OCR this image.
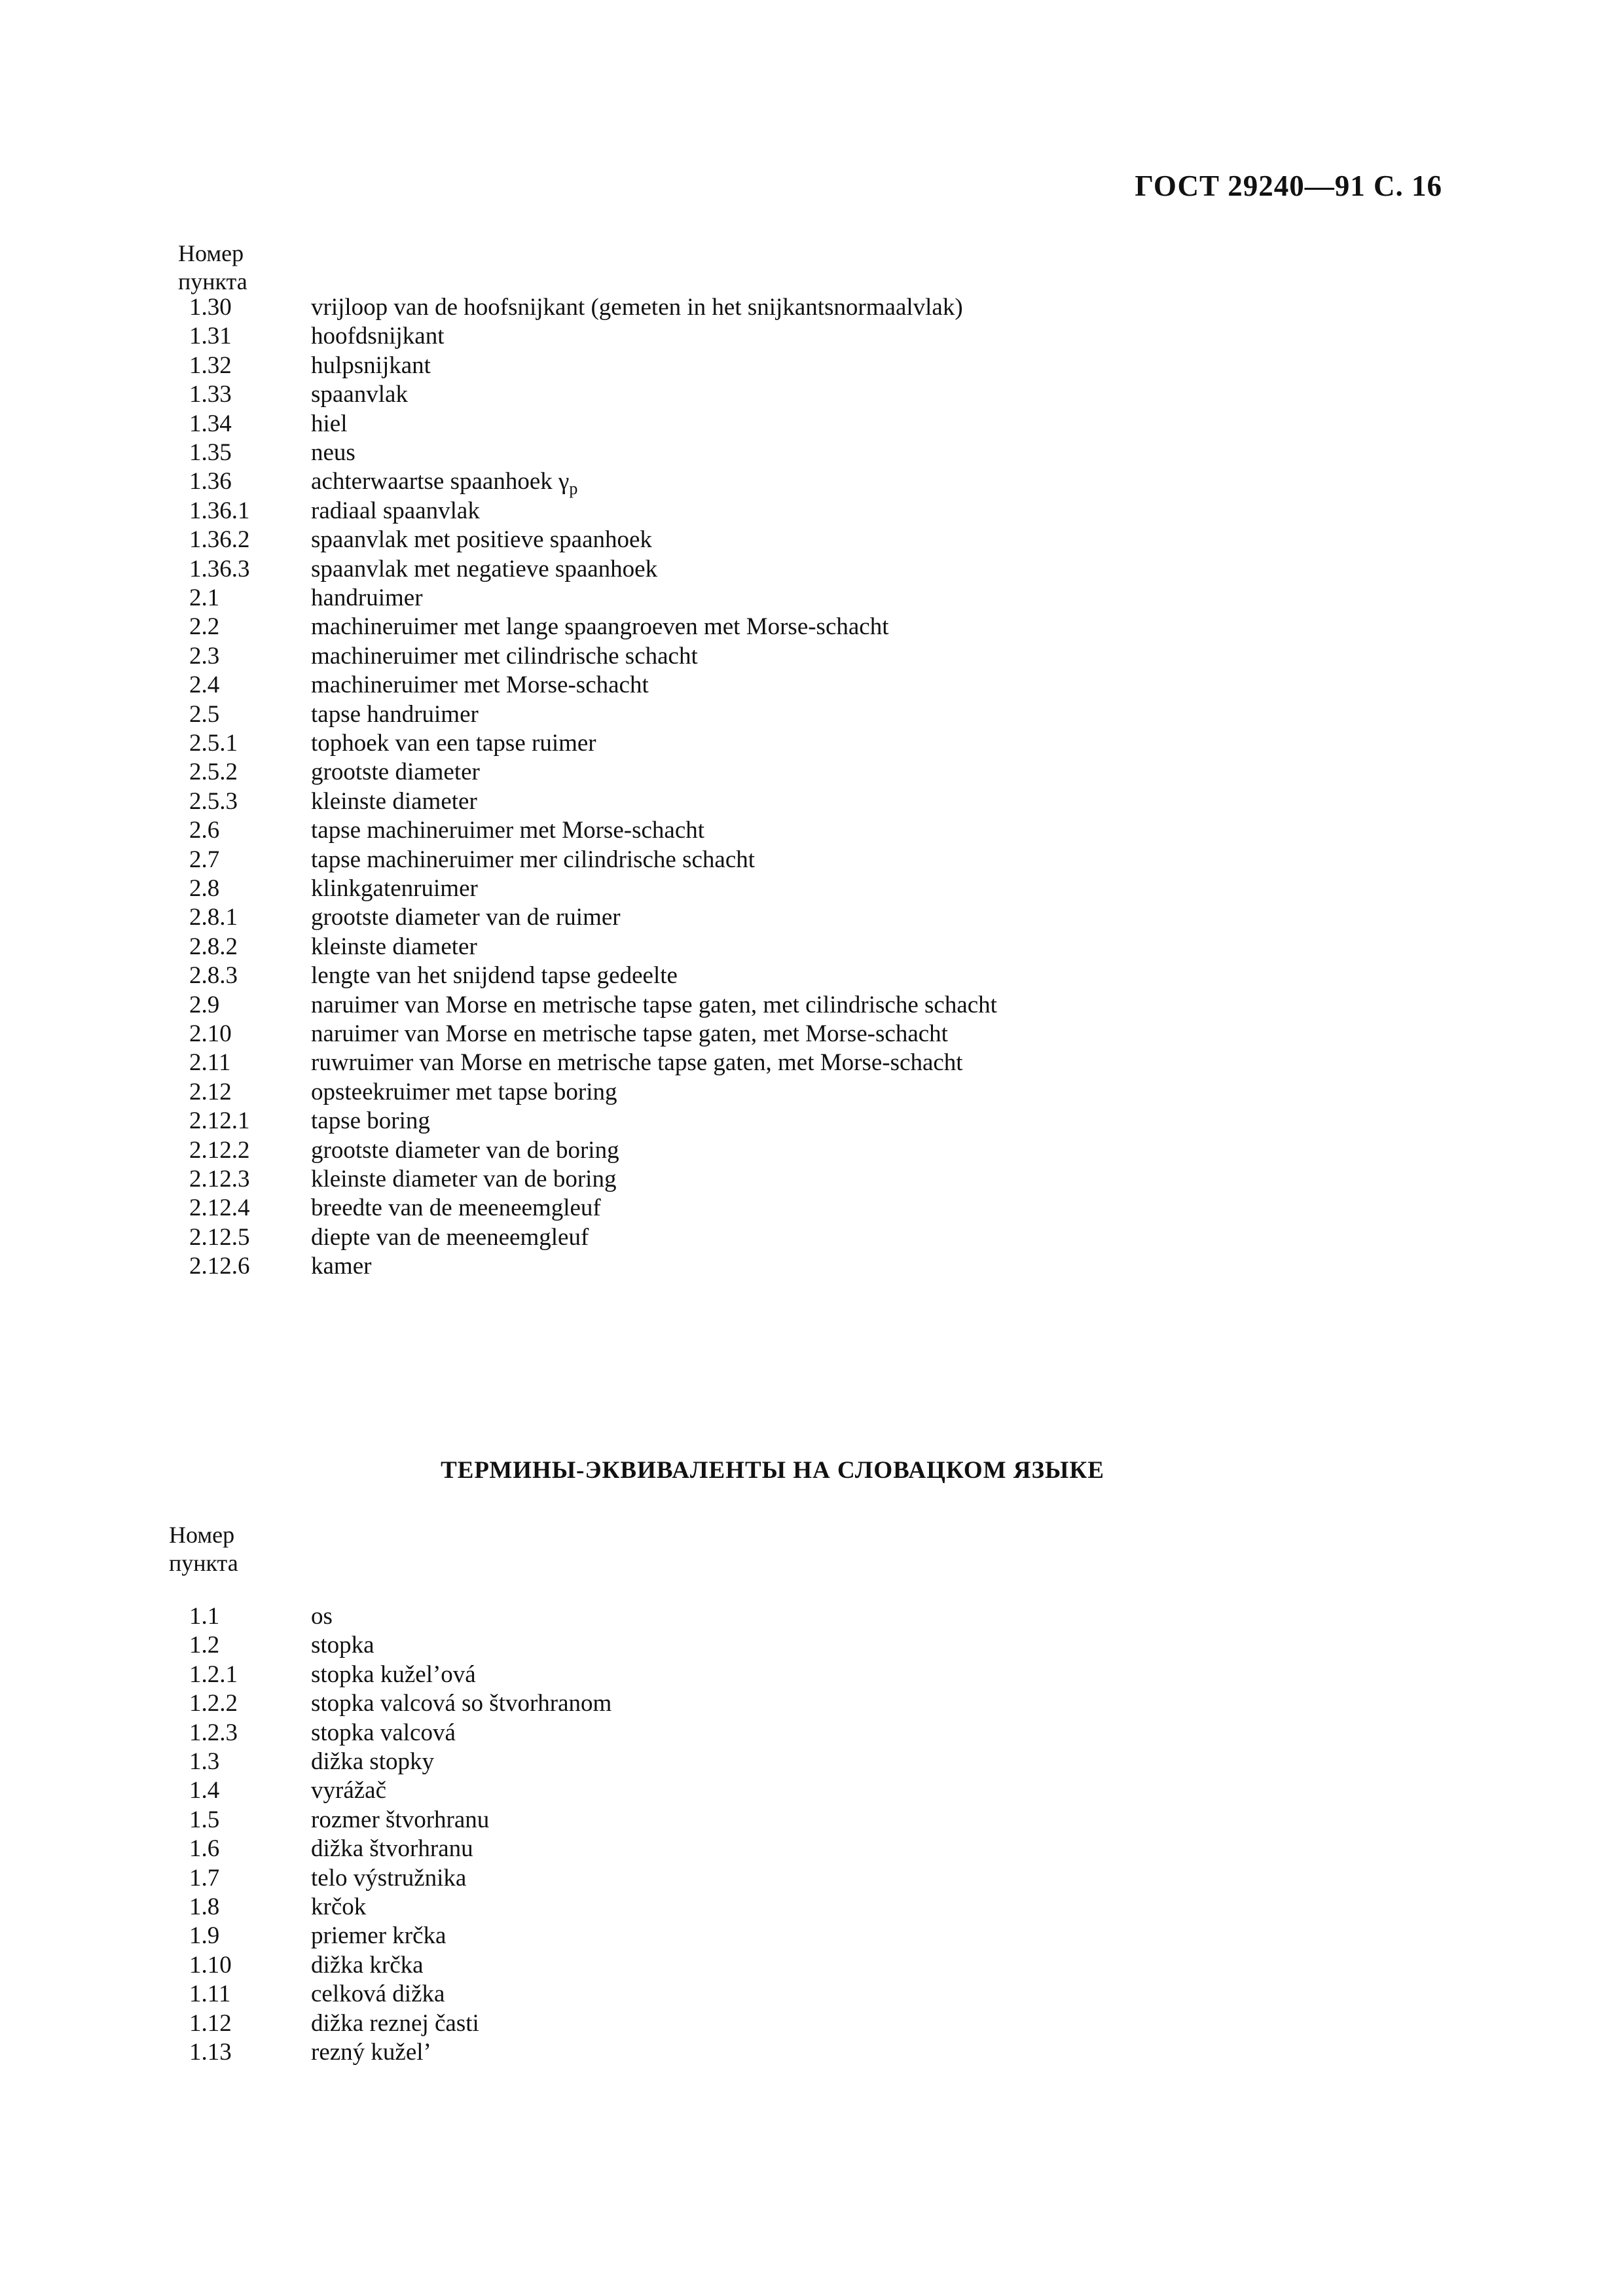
ГОСТ 29240—91 С. 16
Номер
пункта
1.30	vrijloop van de hoofsnijkant (gemeten in het snijkantsnormaalvlak)
1.31	hoofdsnijkant
1.32	hulpsnijkant
1.33	spaanvlak
1.34	hiel
1.35	neus
1.36	achterwaartse spaanhoek $\gamma_p$
1.36.1	radiaal spaanvlak
1.36.2	spaanvlak met positieve spaanhoek
1.36.3	spaanvlak met negatieve spaanhoek
2.1	handruimer
2.2	machineruimer met lange spaangroeven met Morse-schacht
2.3	machineruimer met cilindrische schacht
2.4	machineruimer met Morse-schacht
2.5	tapse handruimer
2.5.1	tophoek van een tapse ruimer
2.5.2	grootste diameter
2.5.3	kleinste diameter
2.6	tapse machineruimer met Morse-schacht
2.7	tapse machineruimer mer cilindrische schacht
2.8	klinkgatenruimer
2.8.1	grootste diameter van de ruimer
2.8.2	kleinste diameter
2.8.3	lengte van het snijdend tapse gedeelte
2.9	naruimer van Morse en metrische tapse gaten, met cilindrische schacht
2.10	naruimer van Morse en metrische tapse gaten, met Morse-schacht
2.11	ruwruimer van Morse en metrische tapse gaten, met Morse-schacht
2.12	opsteekruimer met tapse boring
2.12.1	tapse boring
2.12.2	grootste diameter van de boring
2.12.3	kleinste diameter van de boring
2.12.4	breedte van de meeneemgleuf
2.12.5	diepte van de meeneemgleuf
2.12.6	kamer
ТЕРМИНЫ-ЭКВИВАЛЕНТЫ НА СЛОВАЦКОМ ЯЗЫКЕ
Номер
пункта
1.1	os
1.2	stopka
1.2.1	stopka kužel’ová
1.2.2	stopka valcová so štvorhranom
1.2.3	stopka valcová
1.3	dižka stopky
1.4	vyrážač
1.5	rozmer štvorhranu
1.6	dižka štvorhranu
1.7	telo výstružnika
1.8	krčok
1.9	priemer krčka
1.10	dižka krčka
1.11	celková dižka
1.12	dižka reznej časti
1.13	rezný kužel’
